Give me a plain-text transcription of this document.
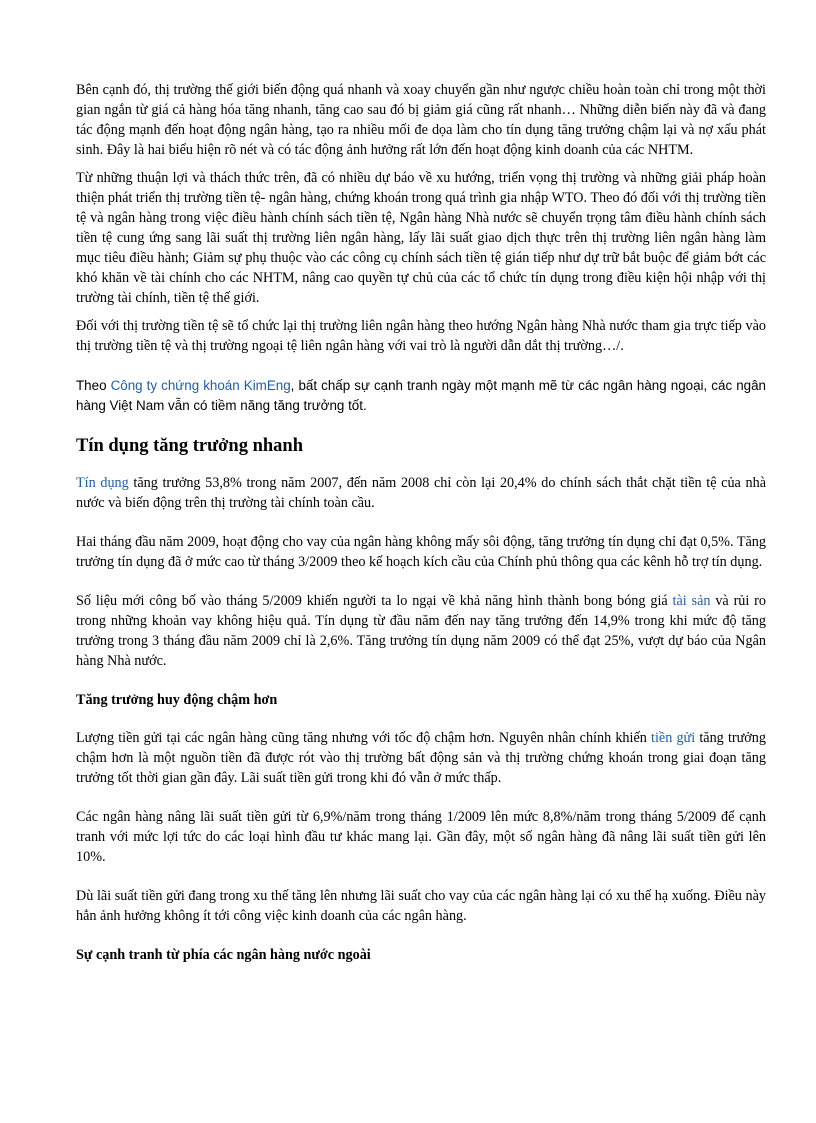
Bên cạnh đó, thị trường thế giới biến động quá nhanh và xoay chuyển gần như ngược chiều hoàn toàn chỉ trong một thời gian ngắn từ giá cả hàng hóa tăng nhanh, tăng cao sau đó bị giảm giá cũng rất nhanh… Những diễn biến này đã và đang tác động mạnh đến hoạt động ngân hàng, tạo ra nhiều mối đe dọa làm cho tín dụng tăng trưởng chậm lại và nợ xấu phát sinh. Đây là hai biểu hiện rõ nét và có tác động ảnh hưởng rất lớn đến hoạt động kinh doanh của các NHTM.

Từ những thuận lợi và thách thức trên, đã có nhiều dự báo về xu hướng, triển vọng thị trường và những giải pháp hoàn thiện phát triển thị trường tiền tệ- ngân hàng, chứng khoán trong quá trình gia nhập WTO. Theo đó đối với thị trường tiền tệ và ngân hàng trong việc điều hành chính sách tiền tệ, Ngân hàng Nhà nước sẽ chuyển trọng tâm điều hành chính sách tiền tệ cung ứng sang lãi suất thị trường liên ngân hàng, lấy lãi suất giao dịch thực trên thị trường liên ngân hàng làm mục tiêu điều hành; Giảm sự phụ thuộc vào các công cụ chính sách tiền tệ gián tiếp như dự trữ bắt buộc để giảm bớt các khó khăn về tài chính cho các NHTM, nâng cao quyền tự chủ của các tổ chức tín dụng trong điều kiện hội nhập với thị trường tài chính, tiền tệ thế giới.

Đối với thị trường tiền tệ sẽ tổ chức lại thị trường liên ngân hàng theo hướng Ngân hàng Nhà nước tham gia trực tiếp vào thị trường tiền tệ và thị trường ngoại tệ liên ngân hàng với vai trò là người dẫn dắt thị trường…/.

Theo Công ty chứng khoán KimEng, bất chấp sự cạnh tranh ngày một mạnh mẽ từ các ngân hàng ngoại, các ngân hàng Việt Nam vẫn có tiềm năng tăng trưởng tốt.

Tín dụng tăng trưởng nhanh

Tín dụng tăng trưởng 53,8% trong năm 2007, đến năm 2008 chỉ còn lại 20,4% do chính sách thắt chặt tiền tệ của nhà nước và biến động trên thị trường tài chính toàn cầu.

Hai tháng đầu năm 2009, hoạt động cho vay của ngân hàng không mấy sôi động, tăng trưởng tín dụng chỉ đạt 0,5%. Tăng trưởng tín dụng đã ở mức cao từ tháng 3/2009 theo kế hoạch kích cầu của Chính phủ thông qua các kênh hỗ trợ tín dụng.

Số liệu mới công bố vào tháng 5/2009 khiến người ta lo ngại về khả năng hình thành bong bóng giá tài sản và rủi ro trong những khoản vay không hiệu quả. Tín dụng từ đầu năm đến nay tăng trưởng đến 14,9% trong khi mức độ tăng trưởng trong 3 tháng đầu năm 2009 chỉ là 2,6%. Tăng trưởng tín dụng năm 2009 có thể đạt 25%, vượt dự báo của Ngân hàng Nhà nước.

Tăng trưởng huy động chậm hơn

Lượng tiền gửi tại các ngân hàng cũng tăng nhưng với tốc độ chậm hơn. Nguyên nhân chính khiến tiền gửi tăng trưởng chậm hơn là một nguồn tiền đã được rót vào thị trường bất động sản và thị trường chứng khoán trong giai đoạn tăng trưởng tốt thời gian gần đây. Lãi suất tiền gửi trong khi đó vẫn ở mức thấp.

Các ngân hàng nâng lãi suất tiền gửi từ 6,9%/năm trong tháng 1/2009 lên mức 8,8%/năm trong tháng 5/2009 để cạnh tranh với mức lợi tức do các loại hình đầu tư khác mang lại. Gần đây, một số ngân hàng đã nâng lãi suất tiền gửi lên 10%.

Dù lãi suất tiền gửi đang trong xu thế tăng lên nhưng lãi suất cho vay của các ngân hàng lại có xu thế hạ xuống. Điều này hẳn ảnh hưởng không ít tới công việc kinh doanh của các ngân hàng.

Sự cạnh tranh từ phía các ngân hàng nước ngoài
